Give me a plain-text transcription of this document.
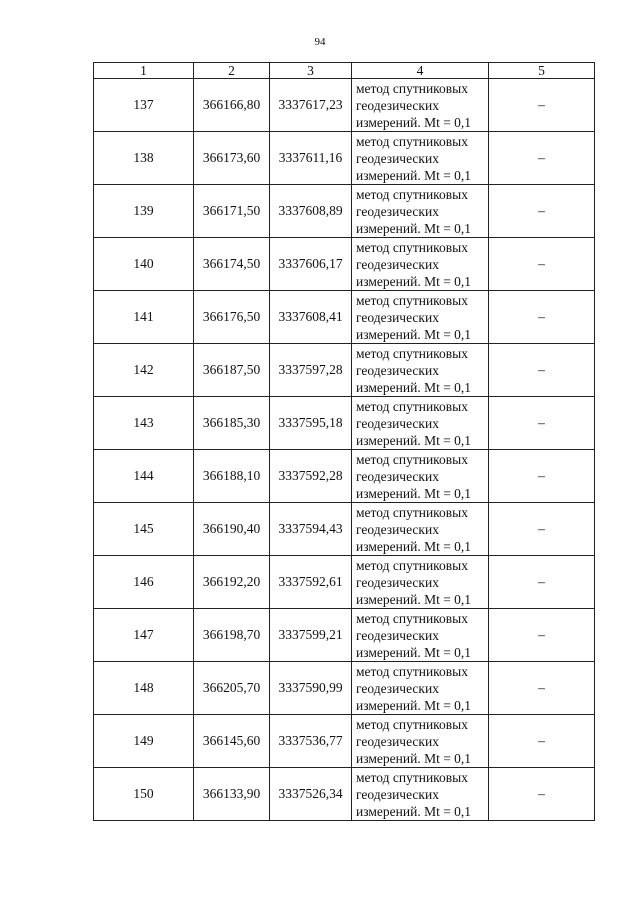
94
1	2	3	4	5
137	366166,80	3337617,23	метод спутниковых
геодезических
измерений. Mt = 0,1	–
138	366173,60	3337611,16	метод спутниковых
геодезических
измерений. Mt = 0,1	–
139	366171,50	3337608,89	метод спутниковых
геодезических
измерений. Mt = 0,1	–
140	366174,50	3337606,17	метод спутниковых
геодезических
измерений. Mt = 0,1	–
141	366176,50	3337608,41	метод спутниковых
геодезических
измерений. Mt = 0,1	–
142	366187,50	3337597,28	метод спутниковых
геодезических
измерений. Mt = 0,1	–
143	366185,30	3337595,18	метод спутниковых
геодезических
измерений. Mt = 0,1	–
144	366188,10	3337592,28	метод спутниковых
геодезических
измерений. Mt = 0,1	–
145	366190,40	3337594,43	метод спутниковых
геодезических
измерений. Mt = 0,1	–
146	366192,20	3337592,61	метод спутниковых
геодезических
измерений. Mt = 0,1	–
147	366198,70	3337599,21	метод спутниковых
геодезических
измерений. Mt = 0,1	–
148	366205,70	3337590,99	метод спутниковых
геодезических
измерений. Mt = 0,1	–
149	366145,60	3337536,77	метод спутниковых
геодезических
измерений. Mt = 0,1	–
150	366133,90	3337526,34	метод спутниковых
геодезических
измерений. Mt = 0,1	–
